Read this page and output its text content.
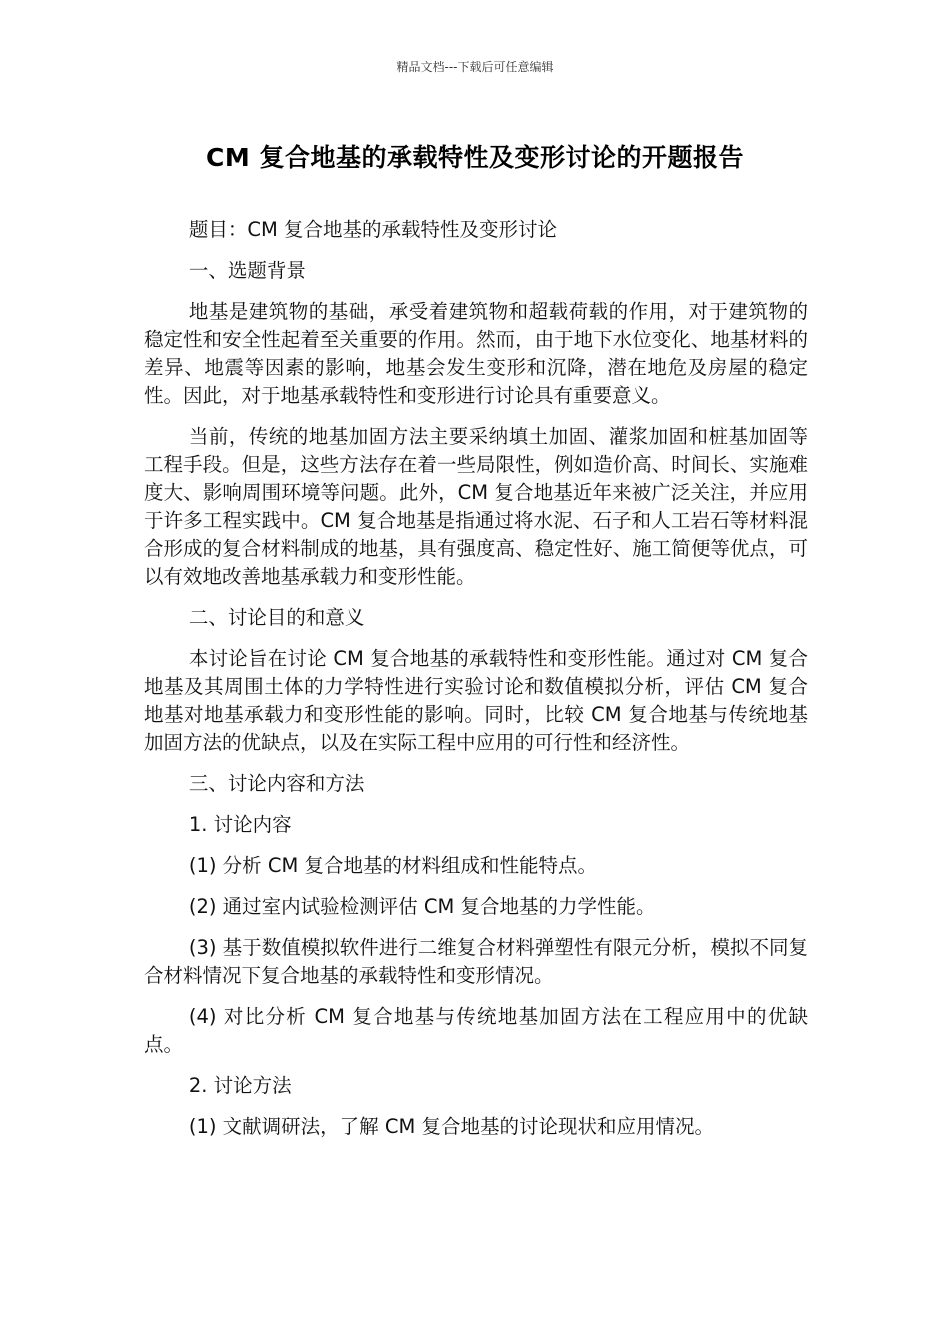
精品文档---下载后可任意编辑
CM 复合地基的承载特性及变形讨论的开题报告

题目：CM 复合地基的承载特性及变形讨论

一、选题背景

地基是建筑物的基础，承受着建筑物和超载荷载的作用，对于建筑物的稳定性和安全性起着至关重要的作用。然而，由于地下水位变化、地基材料的差异、地震等因素的影响，地基会发生变形和沉降，潜在地危及房屋的稳定性。因此，对于地基承载特性和变形进行讨论具有重要意义。

当前，传统的地基加固方法主要采纳填土加固、灌浆加固和桩基加固等工程手段。但是，这些方法存在着一些局限性，例如造价高、时间长、实施难度大、影响周围环境等问题。此外，CM 复合地基近年来被广泛关注，并应用于许多工程实践中。CM 复合地基是指通过将水泥、石子和人工岩石等材料混合形成的复合材料制成的地基，具有强度高、稳定性好、施工简便等优点，可以有效地改善地基承载力和变形性能。

二、讨论目的和意义

本讨论旨在讨论 CM 复合地基的承载特性和变形性能。通过对 CM 复合地基及其周围土体的力学特性进行实验讨论和数值模拟分析，评估 CM 复合地基对地基承载力和变形性能的影响。同时，比较 CM 复合地基与传统地基加固方法的优缺点，以及在实际工程中应用的可行性和经济性。

三、讨论内容和方法

1. 讨论内容

(1) 分析 CM 复合地基的材料组成和性能特点。

(2) 通过室内试验检测评估 CM 复合地基的力学性能。

(3) 基于数值模拟软件进行二维复合材料弹塑性有限元分析，模拟不同复合材料情况下复合地基的承载特性和变形情况。

(4) 对比分析 CM 复合地基与传统地基加固方法在工程应用中的优缺点。

2. 讨论方法

(1) 文献调研法，了解 CM 复合地基的讨论现状和应用情况。
